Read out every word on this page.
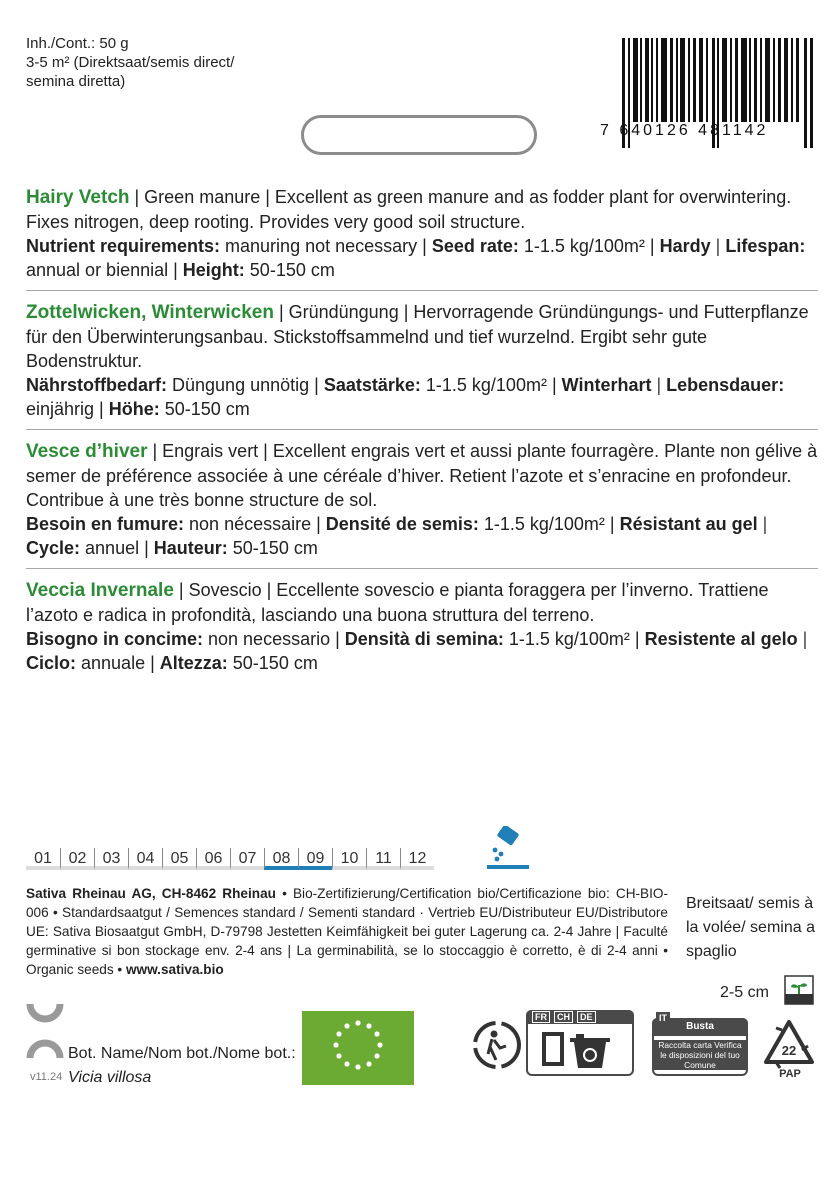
Inh./Cont.: 50 g
3-5 m² (Direktsaat/semis direct/
semina diretta)
7 640126 481142
Hairy Vetch | Green manure | Excellent as green manure and as fodder plant for overwintering. Fixes nitrogen, deep rooting. Provides very good soil structure.
Nutrient requirements: manuring not necessary | Seed rate: 1-1.5 kg/100m² | Hardy | Lifespan: annual or biennial | Height: 50-150 cm
Zottelwicken, Winterwicken | Gründüngung | Hervorragende Gründüngungs- und Futterpflanze für den Überwinterungsanbau. Stickstoffsammelnd und tief wurzelnd. Ergibt sehr gute Bodenstruktur.
Nährstoffbedarf: Düngung unnötig | Saatstärke: 1-1.5 kg/100m² | Winterhart | Lebensdauer: einjährig | Höhe: 50-150 cm
Vesce d’hiver | Engrais vert | Excellent engrais vert et aussi plante fourragère. Plante non gélive à semer de préférence associée à une céréale d’hiver. Retient l’azote et s’enracine en profondeur. Contribue à une très bonne structure de sol.
Besoin en fumure: non nécessaire | Densité de semis: 1-1.5 kg/100m² | Résistant au gel | Cycle: annuel | Hauteur: 50-150 cm
Veccia Invernale | Sovescio | Eccellente sovescio e pianta foraggera per l’inverno. Trattiene l’azoto e radica in profondità, lasciando una buona struttura del terreno.
Bisogno in concime: non necessario | Densità di semina: 1-1.5 kg/100m² | Resistente al gelo | Ciclo: annuale | Altezza: 50-150 cm
01	02	03	04	05	06	07	08	09	10	11	12
Sativa Rheinau AG, CH-8462 Rheinau • Bio-Zertifizierung/Certification bio/Certificazione bio: CH-BIO-006 • Standardsaatgut / Semences standard / Sementi standard · Vertrieb EU/Distributeur EU/Distributore UE: Sativa Biosaatgut GmbH, D-79798 Jestetten Keimfähigkeit bei guter Lagerung ca. 2-4 Jahre | Faculté germinative si bon stockage env. 2-4 ans | La germinabilità, se lo stoccaggio è corretto, è di 2-4 anni • Organic seeds • www.sativa.bio
Breitsaat/ semis à la volée/ semina a spaglio
2-5 cm
v11.24
Bot. Name/Nom bot./Nome bot.:
Vicia villosa
FR	CH	DE	IT
Busta
Raccolta carta Verifica le disposizioni del tuo Comune
22
PAP
